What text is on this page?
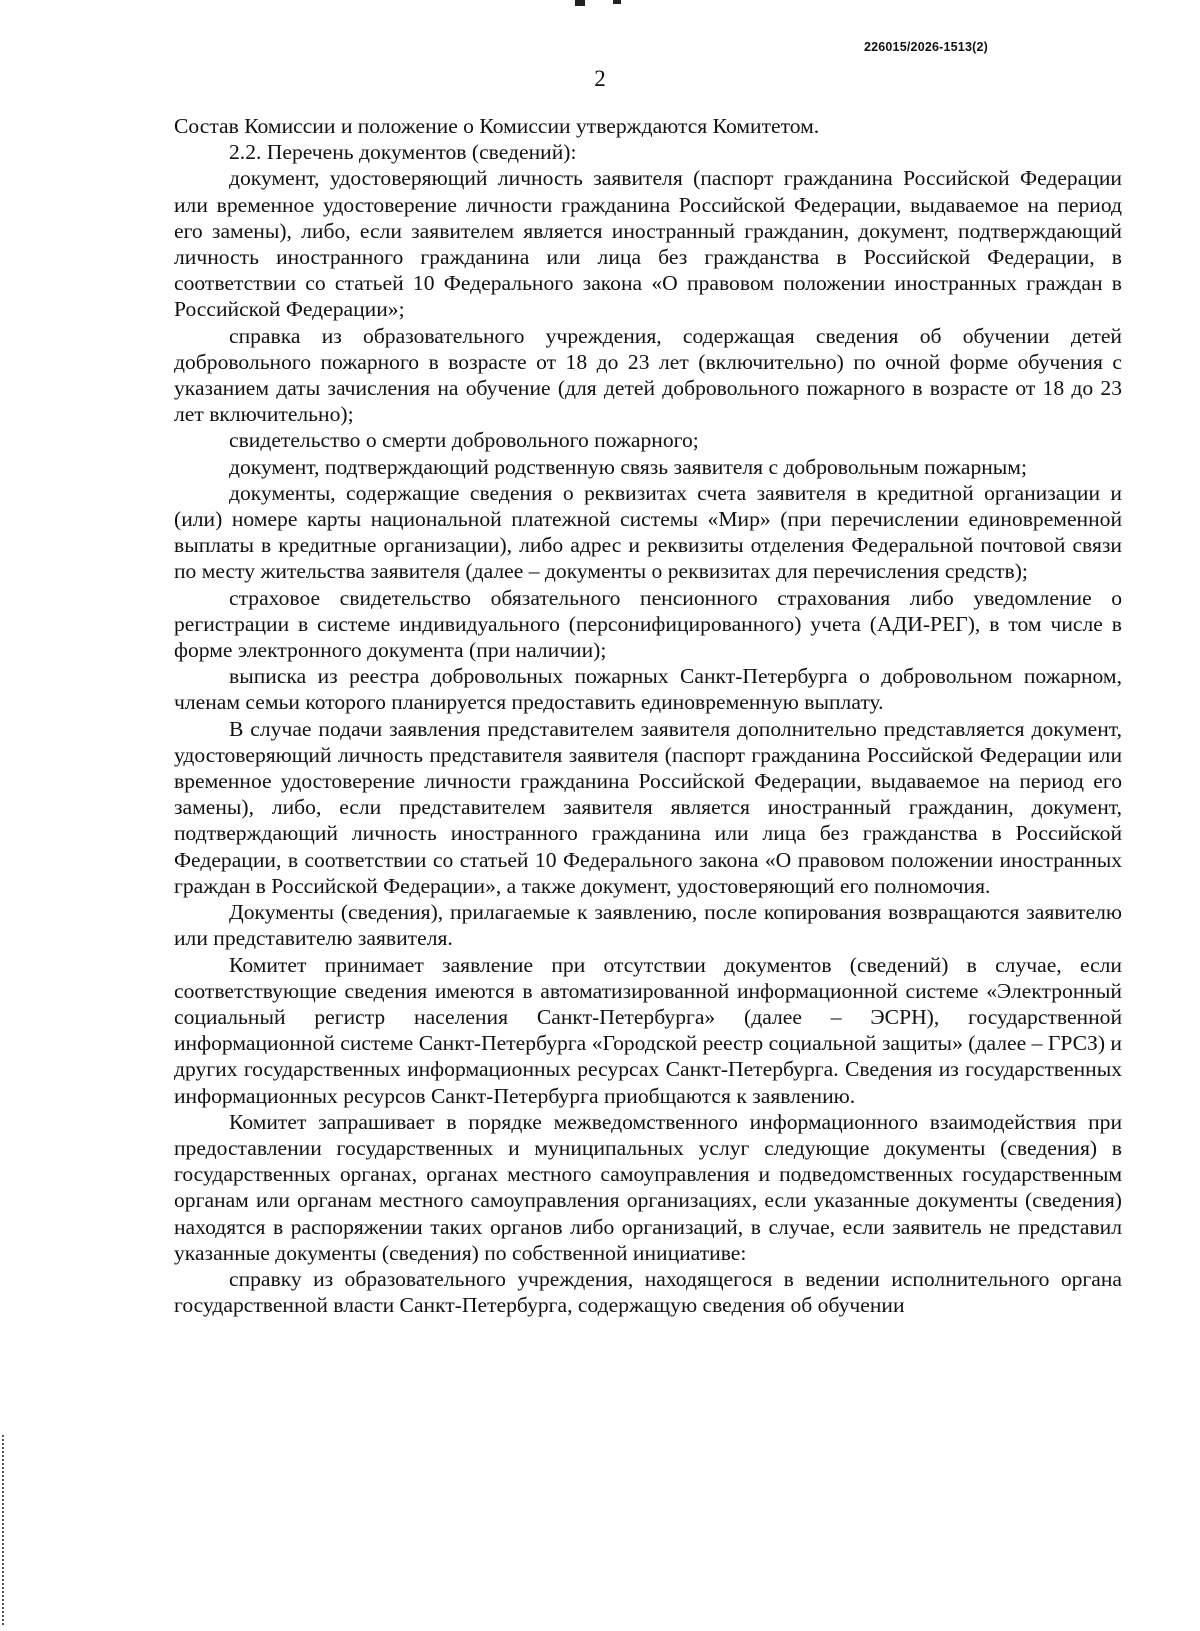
226015/2026-1513(2)
2

Состав Комиссии и положение о Комиссии утверждаются Комитетом.

2.2. Перечень документов (сведений):

документ, удостоверяющий личность заявителя (паспорт гражданина Российской Федерации или временное удостоверение личности гражданина Российской Федерации, выдаваемое на период его замены), либо, если заявителем является иностранный гражданин, документ, подтверждающий личность иностранного гражданина или лица без гражданства в Российской Федерации, в соответствии со статьей 10 Федерального закона «О правовом положении иностранных граждан в Российской Федерации»;

справка из образовательного учреждения, содержащая сведения об обучении детей добровольного пожарного в возрасте от 18 до 23 лет (включительно) по очной форме обучения с указанием даты зачисления на обучение (для детей добровольного пожарного в возрасте от 18 до 23 лет включительно);

свидетельство о смерти добровольного пожарного;

документ, подтверждающий родственную связь заявителя с добровольным пожарным;

документы, содержащие сведения о реквизитах счета заявителя в кредитной организации и (или) номере карты национальной платежной системы «Мир» (при перечислении единовременной выплаты в кредитные организации), либо адрес и реквизиты отделения Федеральной почтовой связи по месту жительства заявителя (далее – документы о реквизитах для перечисления средств);

страховое свидетельство обязательного пенсионного страхования либо уведомление о регистрации в системе индивидуального (персонифицированного) учета (АДИ-РЕГ), в том числе в форме электронного документа (при наличии);

выписка из реестра добровольных пожарных Санкт-Петербурга о добровольном пожарном, членам семьи которого планируется предоставить единовременную выплату.

В случае подачи заявления представителем заявителя дополнительно представляется документ, удостоверяющий личность представителя заявителя (паспорт гражданина Российской Федерации или временное удостоверение личности гражданина Российской Федерации, выдаваемое на период его замены), либо, если представителем заявителя является иностранный гражданин, документ, подтверждающий личность иностранного гражданина или лица без гражданства в Российской Федерации, в соответствии со статьей 10 Федерального закона «О правовом положении иностранных граждан в Российской Федерации», а также документ, удостоверяющий его полномочия.

Документы (сведения), прилагаемые к заявлению, после копирования возвращаются заявителю или представителю заявителя.

Комитет принимает заявление при отсутствии документов (сведений) в случае, если соответствующие сведения имеются в автоматизированной информационной системе «Электронный социальный регистр населения Санкт-Петербурга» (далее – ЭСРН), государственной информационной системе Санкт-Петербурга «Городской реестр социальной защиты» (далее – ГРСЗ) и других государственных информационных ресурсах Санкт-Петербурга. Сведения из государственных информационных ресурсов Санкт-Петербурга приобщаются к заявлению.

Комитет запрашивает в порядке межведомственного информационного взаимодействия при предоставлении государственных и муниципальных услуг следующие документы (сведения) в государственных органах, органах местного самоуправления и подведомственных государственным органам или органам местного самоуправления организациях, если указанные документы (сведения) находятся в распоряжении таких органов либо организаций, в случае, если заявитель не представил указанные документы (сведения) по собственной инициативе:

справку из образовательного учреждения, находящегося в ведении исполнительного органа государственной власти Санкт-Петербурга, содержащую сведения об обучении
